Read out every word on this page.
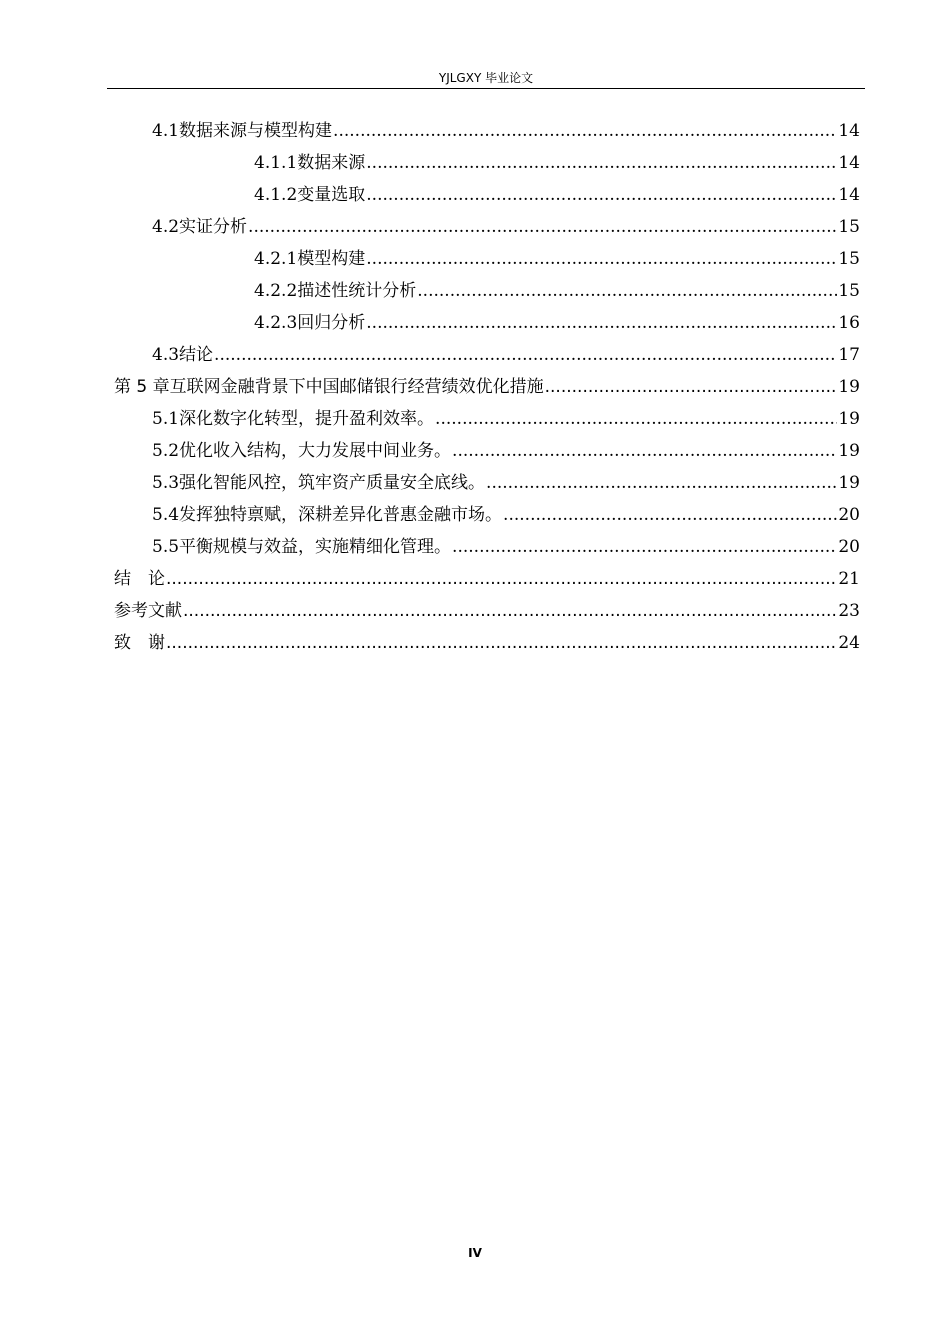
YJLGXY 毕业论文
4.1 数据来源与模型构建 .....	14
4.1.1 数据来源 .....	14
4.1.2 变量选取 .....	14
4.2 实证分析 .....	15
4.2.1 模型构建 .....	15
4.2.2 描述性统计分析 .....	15
4.2.3 回归分析 .....	16
4.3 结论 .....	17
第 5 章 互联网金融背景下中国邮储银行经营绩效优化措施 .....	19
5.1 深化数字化转型，提升盈利效率。 .....	19
5.2 优化收入结构，大力发展中间业务。 .....	19
5.3 强化智能风控，筑牢资产质量安全底线。 .....	19
5.4 发挥独特禀赋，深耕差异化普惠金融市场。 .....	20
5.5 平衡规模与效益，实施精细化管理。 .....	20
结　论 .....	21
参考文献 .....	23
致　谢 .....	24
IV
